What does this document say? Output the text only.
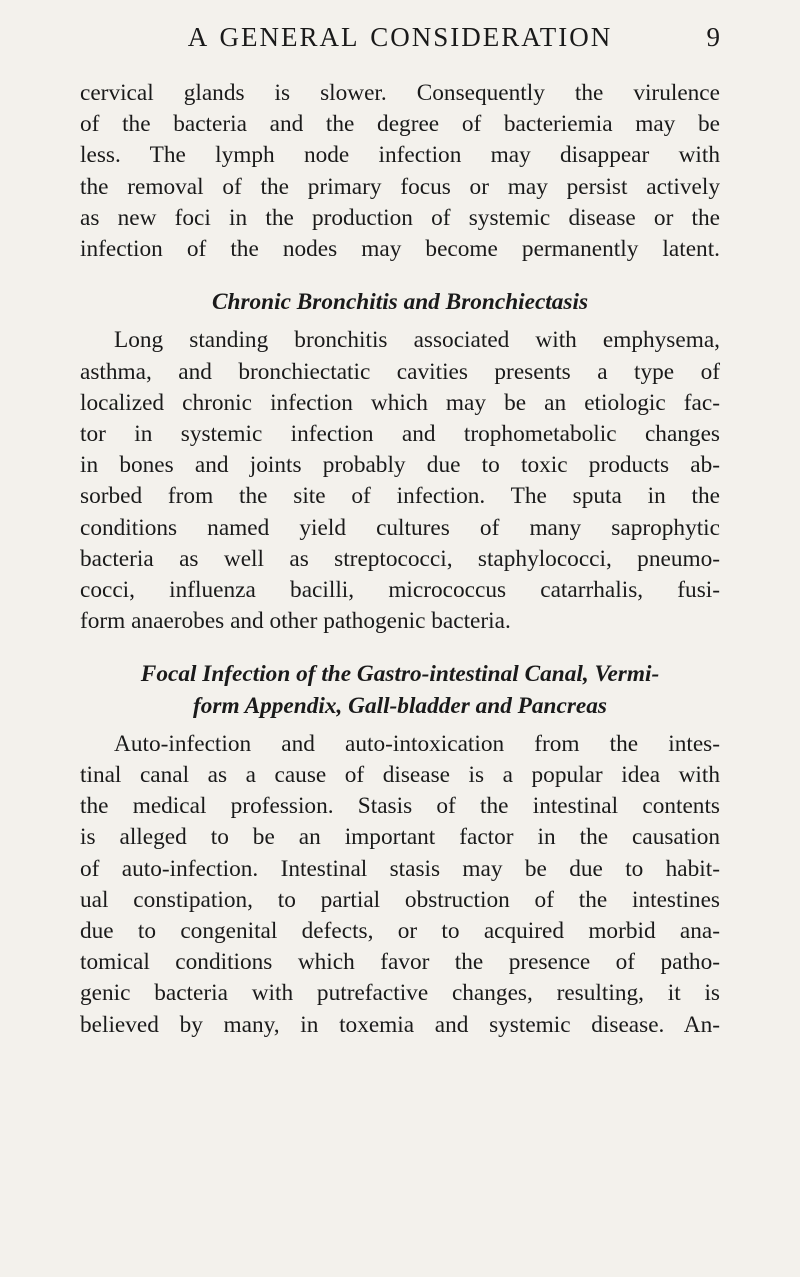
A GENERAL CONSIDERATION	9
cervical glands is slower. Consequently the virulence
of the bacteria and the degree of bacteriemia may be
less. The lymph node infection may disappear with
the removal of the primary focus or may persist actively
as new foci in the production of systemic disease or the
infection of the nodes may become permanently latent.
Chronic Bronchitis and Bronchiectasis
Long standing bronchitis associated with emphysema,
asthma, and bronchiectatic cavities presents a type of
localized chronic infection which may be an etiologic fac-
tor in systemic infection and trophometabolic changes
in bones and joints probably due to toxic products ab-
sorbed from the site of infection. The sputa in the
conditions named yield cultures of many saprophytic
bacteria as well as streptococci, staphylococci, pneumo-
cocci, influenza bacilli, micrococcus catarrhalis, fusi-
form anaerobes and other pathogenic bacteria.
Focal Infection of the Gastro-intestinal Canal, Vermi-
form Appendix, Gall-bladder and Pancreas
Auto-infection and auto-intoxication from the intes-
tinal canal as a cause of disease is a popular idea with
the medical profession. Stasis of the intestinal contents
is alleged to be an important factor in the causation
of auto-infection. Intestinal stasis may be due to habit-
ual constipation, to partial obstruction of the intestines
due to congenital defects, or to acquired morbid ana-
tomical conditions which favor the presence of patho-
genic bacteria with putrefactive changes, resulting, it is
believed by many, in toxemia and systemic disease. An-
